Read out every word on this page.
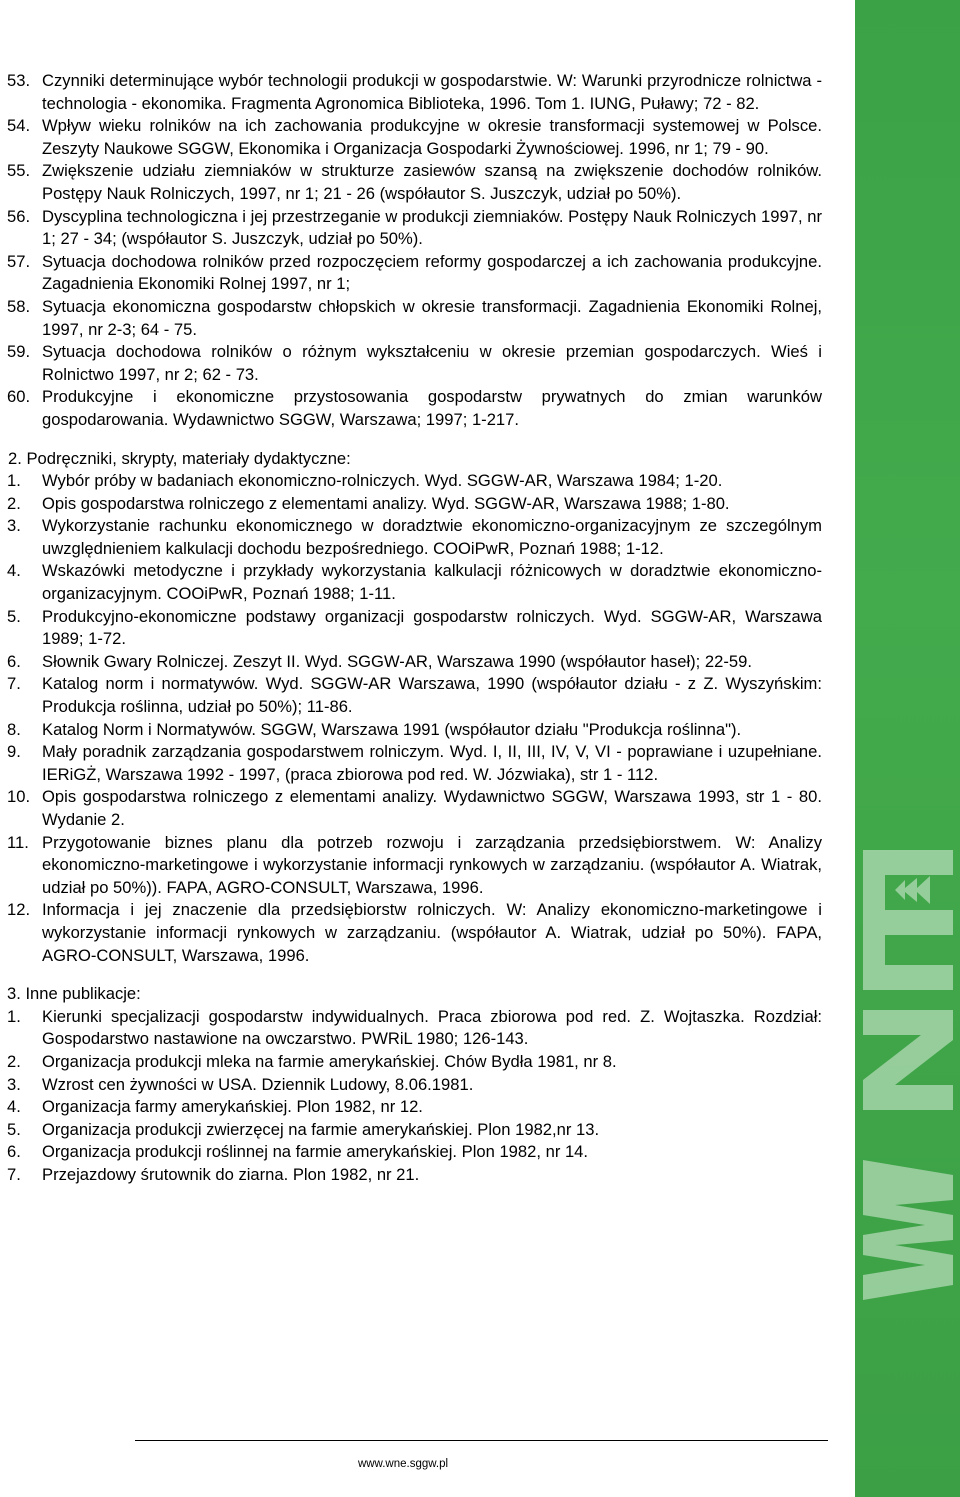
53. Czynniki determinujące wybór technologii produkcji w gospodarstwie. W: Warunki przyrodnicze rolnictwa - technologia - ekonomika. Fragmenta Agronomica Biblioteka, 1996. Tom 1. IUNG, Puławy; 72 - 82.
54. Wpływ wieku rolników na ich zachowania produkcyjne w okresie transformacji systemowej w Polsce. Zeszyty Naukowe SGGW, Ekonomika i Organizacja Gospodarki Żywnościowej. 1996, nr 1; 79 - 90.
55. Zwiększenie udziału ziemniaków w strukturze zasiewów szansą na zwiększenie dochodów rolników. Postępy Nauk Rolniczych, 1997, nr 1; 21 - 26 (współautor S. Juszczyk, udział po 50%).
56. Dyscyplina technologiczna i jej przestrzeganie w produkcji ziemniaków. Postępy Nauk Rolniczych 1997, nr 1; 27 - 34; (współautor S. Juszczyk, udział po 50%).
57. Sytuacja dochodowa rolników przed rozpoczęciem reformy gospodarczej a ich zachowania produkcyjne. Zagadnienia Ekonomiki Rolnej 1997, nr 1;
58. Sytuacja ekonomiczna gospodarstw chłopskich w okresie transformacji. Zagadnienia Ekonomiki Rolnej, 1997, nr 2-3; 64 - 75.
59. Sytuacja dochodowa rolników o różnym wykształceniu w okresie przemian gospodarczych. Wieś i Rolnictwo 1997, nr 2; 62 - 73.
60. Produkcyjne i ekonomiczne przystosowania gospodarstw prywatnych do zmian warunków gospodarowania. Wydawnictwo SGGW, Warszawa; 1997; 1-217.
2. Podręczniki, skrypty, materiały dydaktyczne:
1.	Wybór próby w badaniach ekonomiczno-rolniczych. Wyd. SGGW-AR, Warszawa 1984; 1-20.
2.	Opis gospodarstwa rolniczego z elementami analizy. Wyd. SGGW-AR, Warszawa 1988; 1-80.
3.	Wykorzystanie rachunku ekonomicznego w doradztwie ekonomiczno-organizacyjnym ze szczególnym uwzględnieniem kalkulacji dochodu bezpośredniego. COOiPwR, Poznań 1988; 1-12.
4.	Wskazówki metodyczne i przykłady wykorzystania kalkulacji różnicowych w doradztwie ekonomiczno-organizacyjnym. COOiPwR, Poznań 1988; 1-11.
5.	Produkcyjno-ekonomiczne podstawy organizacji gospodarstw rolniczych. Wyd. SGGW-AR, Warszawa 1989; 1-72.
6.	Słownik Gwary Rolniczej. Zeszyt II. Wyd. SGGW-AR, Warszawa 1990 (współautor haseł); 22-59.
7.	Katalog norm i normatywów. Wyd. SGGW-AR Warszawa, 1990 (współautor działu - z Z. Wyszyńskim: Produkcja roślinna, udział po 50%); 11-86.
8.	Katalog Norm i Normatywów. SGGW, Warszawa 1991 (współautor działu "Produkcja roślinna").
9.	Mały poradnik zarządzania gospodarstwem rolniczym. Wyd. I, II, III, IV, V, VI - poprawiane i uzupełniane. IERiGŻ, Warszawa 1992 - 1997, (praca zbiorowa pod red. W. Józwiaka), str 1 - 112.
10. Opis gospodarstwa rolniczego z elementami analizy. Wydawnictwo SGGW, Warszawa 1993, str 1 - 80. Wydanie 2.
11. Przygotowanie biznes planu dla potrzeb rozwoju i zarządzania przedsiębiorstwem. W: Analizy ekonomiczno-marketingowe i wykorzystanie informacji rynkowych w zarządzaniu. (współautor A. Wiatrak, udział po 50%)). FAPA, AGRO-CONSULT, Warszawa, 1996.
12. Informacja i jej znaczenie dla przedsiębiorstw rolniczych. W: Analizy ekonomiczno-marketingowe i wykorzystanie informacji rynkowych w zarządzaniu. (współautor A. Wiatrak, udział po 50%). FAPA, AGRO-CONSULT, Warszawa, 1996.
3. Inne publikacje:
1.	Kierunki specjalizacji gospodarstw indywidualnych. Praca zbiorowa pod red. Z. Wojtaszka. Rozdział: Gospodarstwo nastawione na owczarstwo. PWRiL 1980; 126-143.
2.	Organizacja produkcji mleka na farmie amerykańskiej. Chów Bydła 1981, nr 8.
3.	Wzrost cen żywności w USA. Dziennik Ludowy, 8.06.1981.
4.	Organizacja farmy amerykańskiej. Plon 1982, nr 12.
5.	Organizacja produkcji zwierzęcej na farmie amerykańskiej. Plon 1982,nr 13.
6.	Organizacja produkcji roślinnej na farmie amerykańskiej. Plon 1982, nr 14.
7.	Przejazdowy śrutownik do ziarna. Plon 1982, nr 21.
www.wne.sggw.pl
